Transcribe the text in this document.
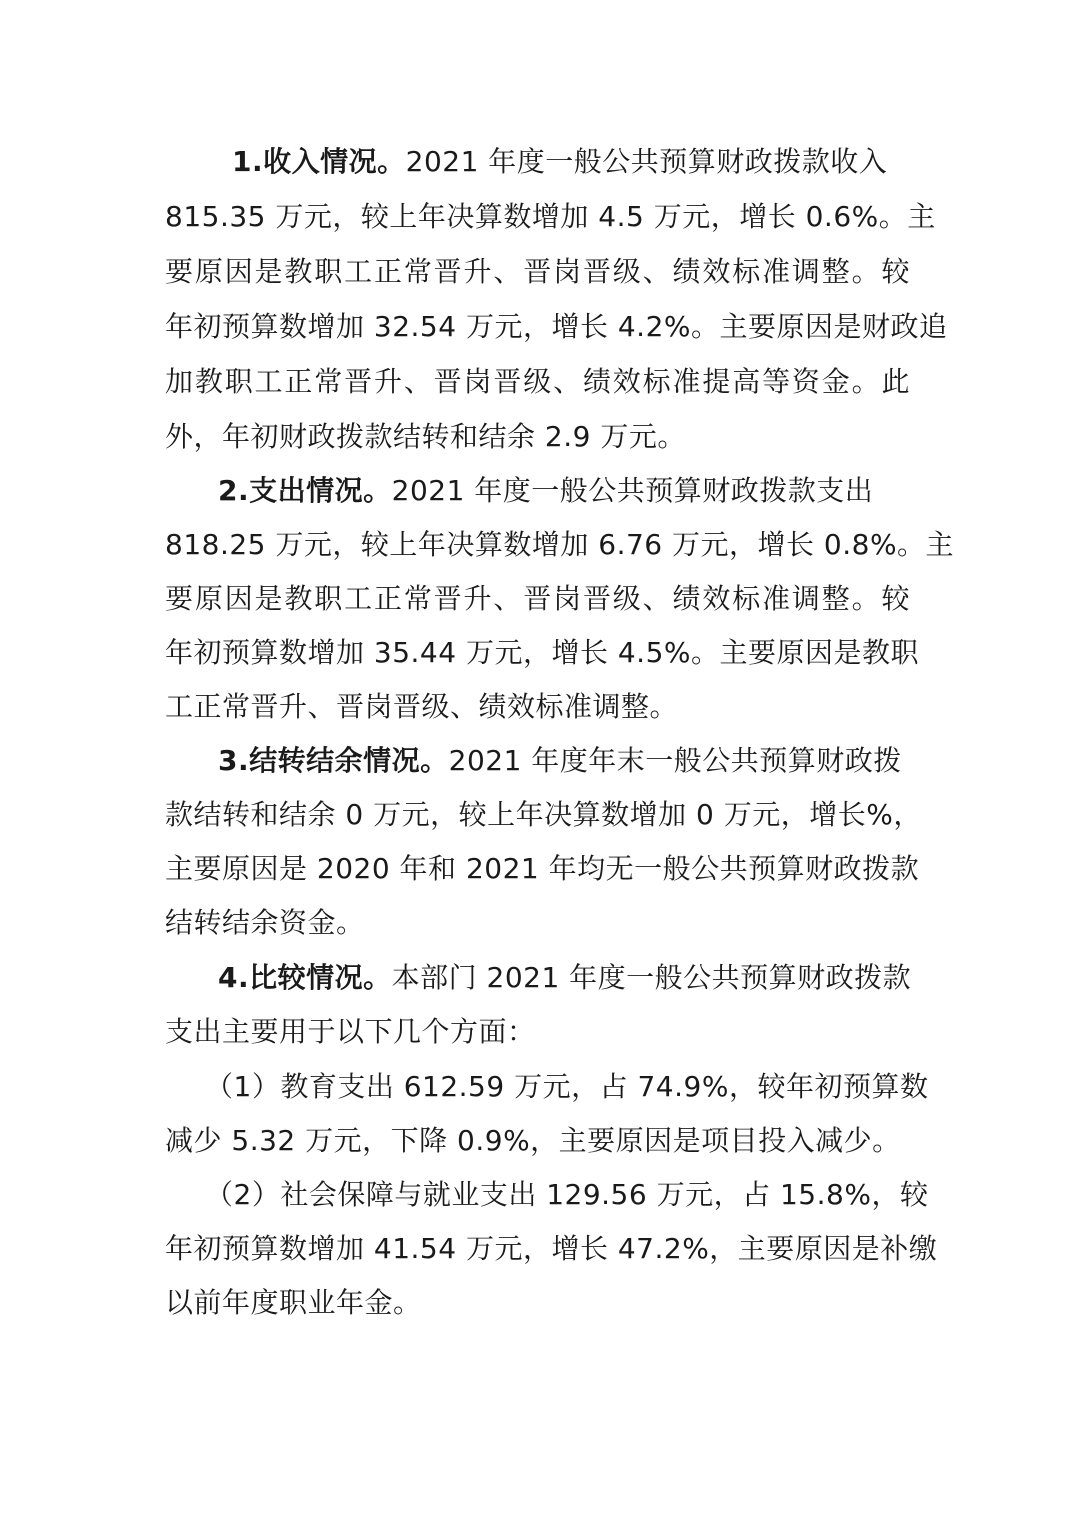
1.收入情况。2021 年度一般公共预算财政拨款收入
815.35 万元，较上年决算数增加 4.5 万元，增长 0.6%。主
要原因是教职工正常晋升、晋岗晋级、绩效标准调整。较
年初预算数增加 32.54 万元，增长 4.2%。主要原因是财政追
加教职工正常晋升、晋岗晋级、绩效标准提高等资金。此
外，年初财政拨款结转和结余 2.9 万元。
2.支出情况。2021 年度一般公共预算财政拨款支出
818.25 万元，较上年决算数增加 6.76 万元，增长 0.8%。主
要原因是教职工正常晋升、晋岗晋级、绩效标准调整。较
年初预算数增加 35.44 万元，增长 4.5%。主要原因是教职
工正常晋升、晋岗晋级、绩效标准调整。
3.结转结余情况。2021 年度年末一般公共预算财政拨
款结转和结余 0 万元，较上年决算数增加 0 万元，增长%，
主要原因是 2020 年和 2021 年均无一般公共预算财政拨款
结转结余资金。
4.比较情况。本部门 2021 年度一般公共预算财政拨款
支出主要用于以下几个方面：
（1）教育支出 612.59 万元，占 74.9%，较年初预算数
减少 5.32 万元，下降 0.9%，主要原因是项目投入减少。
（2）社会保障与就业支出 129.56 万元，占 15.8%，较
年初预算数增加 41.54 万元，增长 47.2%，主要原因是补缴
以前年度职业年金。
